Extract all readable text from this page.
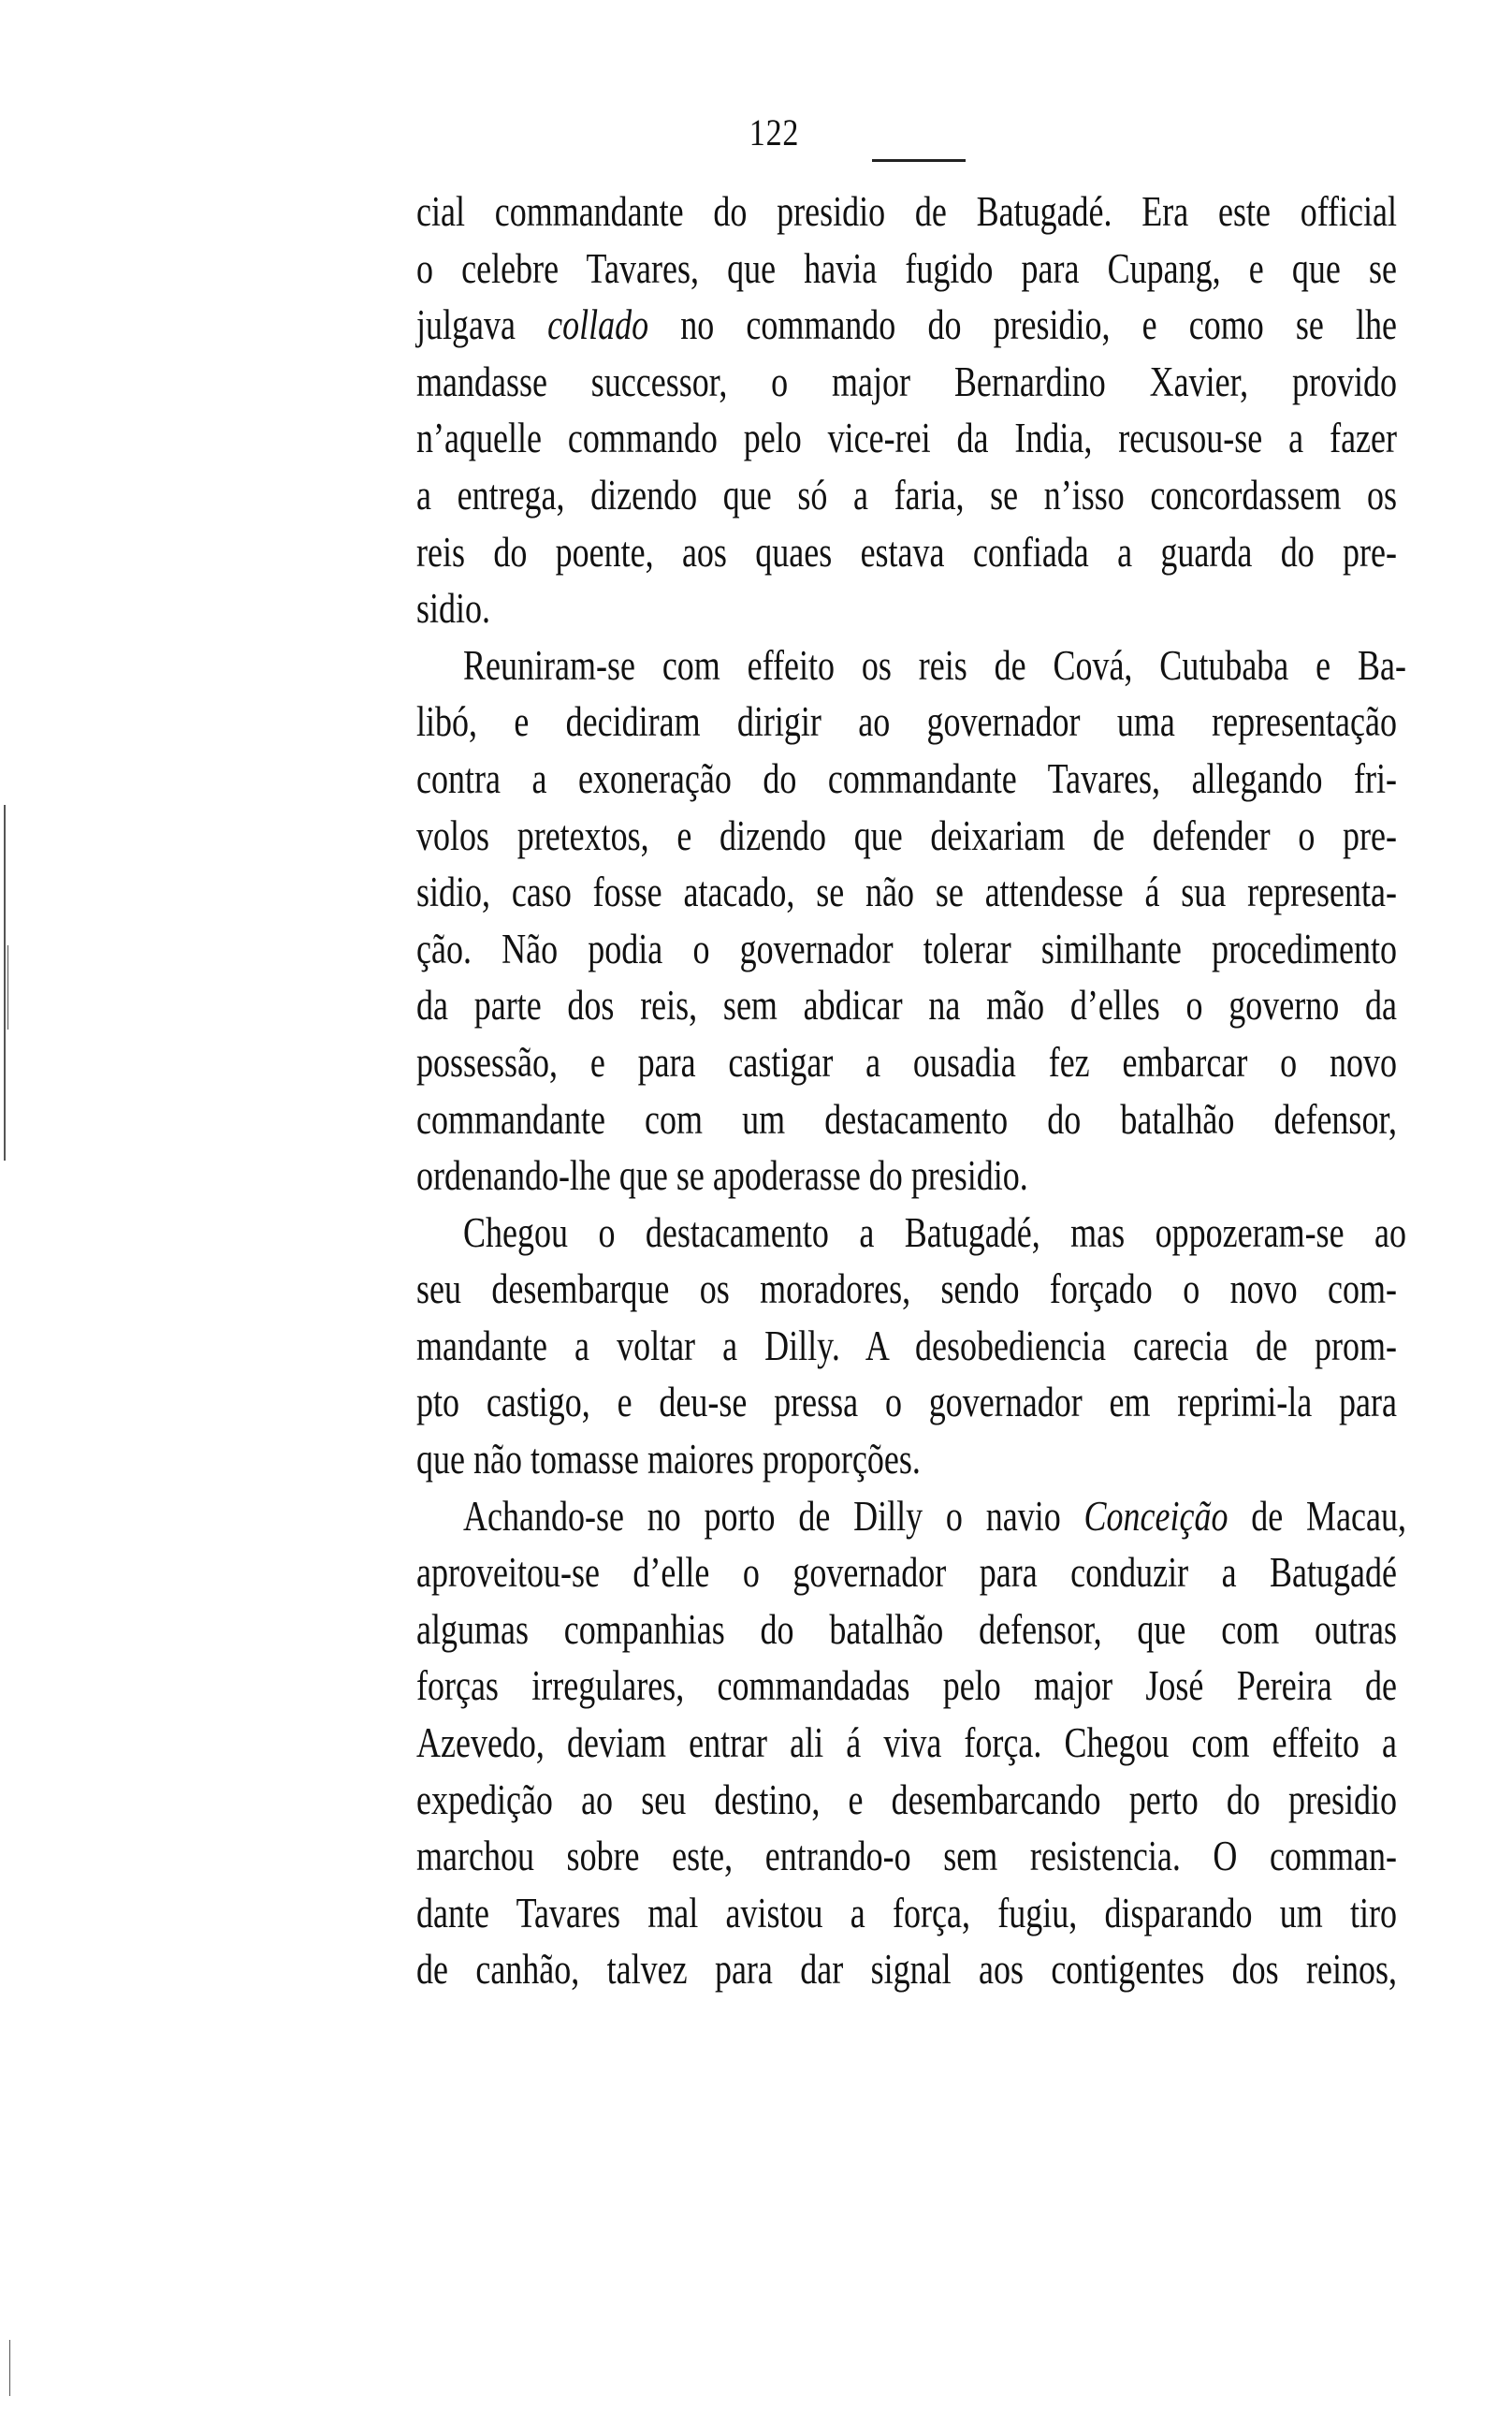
122
cial commandante do presidio de Batugadé. Era este official
o celebre Tavares, que havia fugido para Cupang, e que se
julgava collado no commando do presidio, e como se lhe
mandasse successor, o major Bernardino Xavier, provido
n’aquelle commando pelo vice-rei da India, recusou-se a fazer
a entrega, dizendo que só a faria, se n’isso concordassem os
reis do poente, aos quaes estava confiada a guarda do pre-
sidio.
Reuniram-se com effeito os reis de Cová, Cutubaba e Ba-
libó, e decidiram dirigir ao governador uma representação
contra a exoneração do commandante Tavares, allegando fri-
volos pretextos, e dizendo que deixariam de defender o pre-
sidio, caso fosse atacado, se não se attendesse á sua representa-
ção. Não podia o governador tolerar similhante procedimento
da parte dos reis, sem abdicar na mão d’elles o governo da
possessão, e para castigar a ousadia fez embarcar o novo
commandante com um destacamento do batalhão defensor,
ordenando-lhe que se apoderasse do presidio.
Chegou o destacamento a Batugadé, mas oppozeram-se ao
seu desembarque os moradores, sendo forçado o novo com-
mandante a voltar a Dilly. A desobediencia carecia de prom-
pto castigo, e deu-se pressa o governador em reprimi-la para
que não tomasse maiores proporções.
Achando-se no porto de Dilly o navio Conceição de Macau,
aproveitou-se d’elle o governador para conduzir a Batugadé
algumas companhias do batalhão defensor, que com outras
forças irregulares, commandadas pelo major José Pereira de
Azevedo, deviam entrar ali á viva força. Chegou com effeito a
expedição ao seu destino, e desembarcando perto do presidio
marchou sobre este, entrando-o sem resistencia. O comman-
dante Tavares mal avistou a força, fugiu, disparando um tiro
de canhão, talvez para dar signal aos contigentes dos reinos,
